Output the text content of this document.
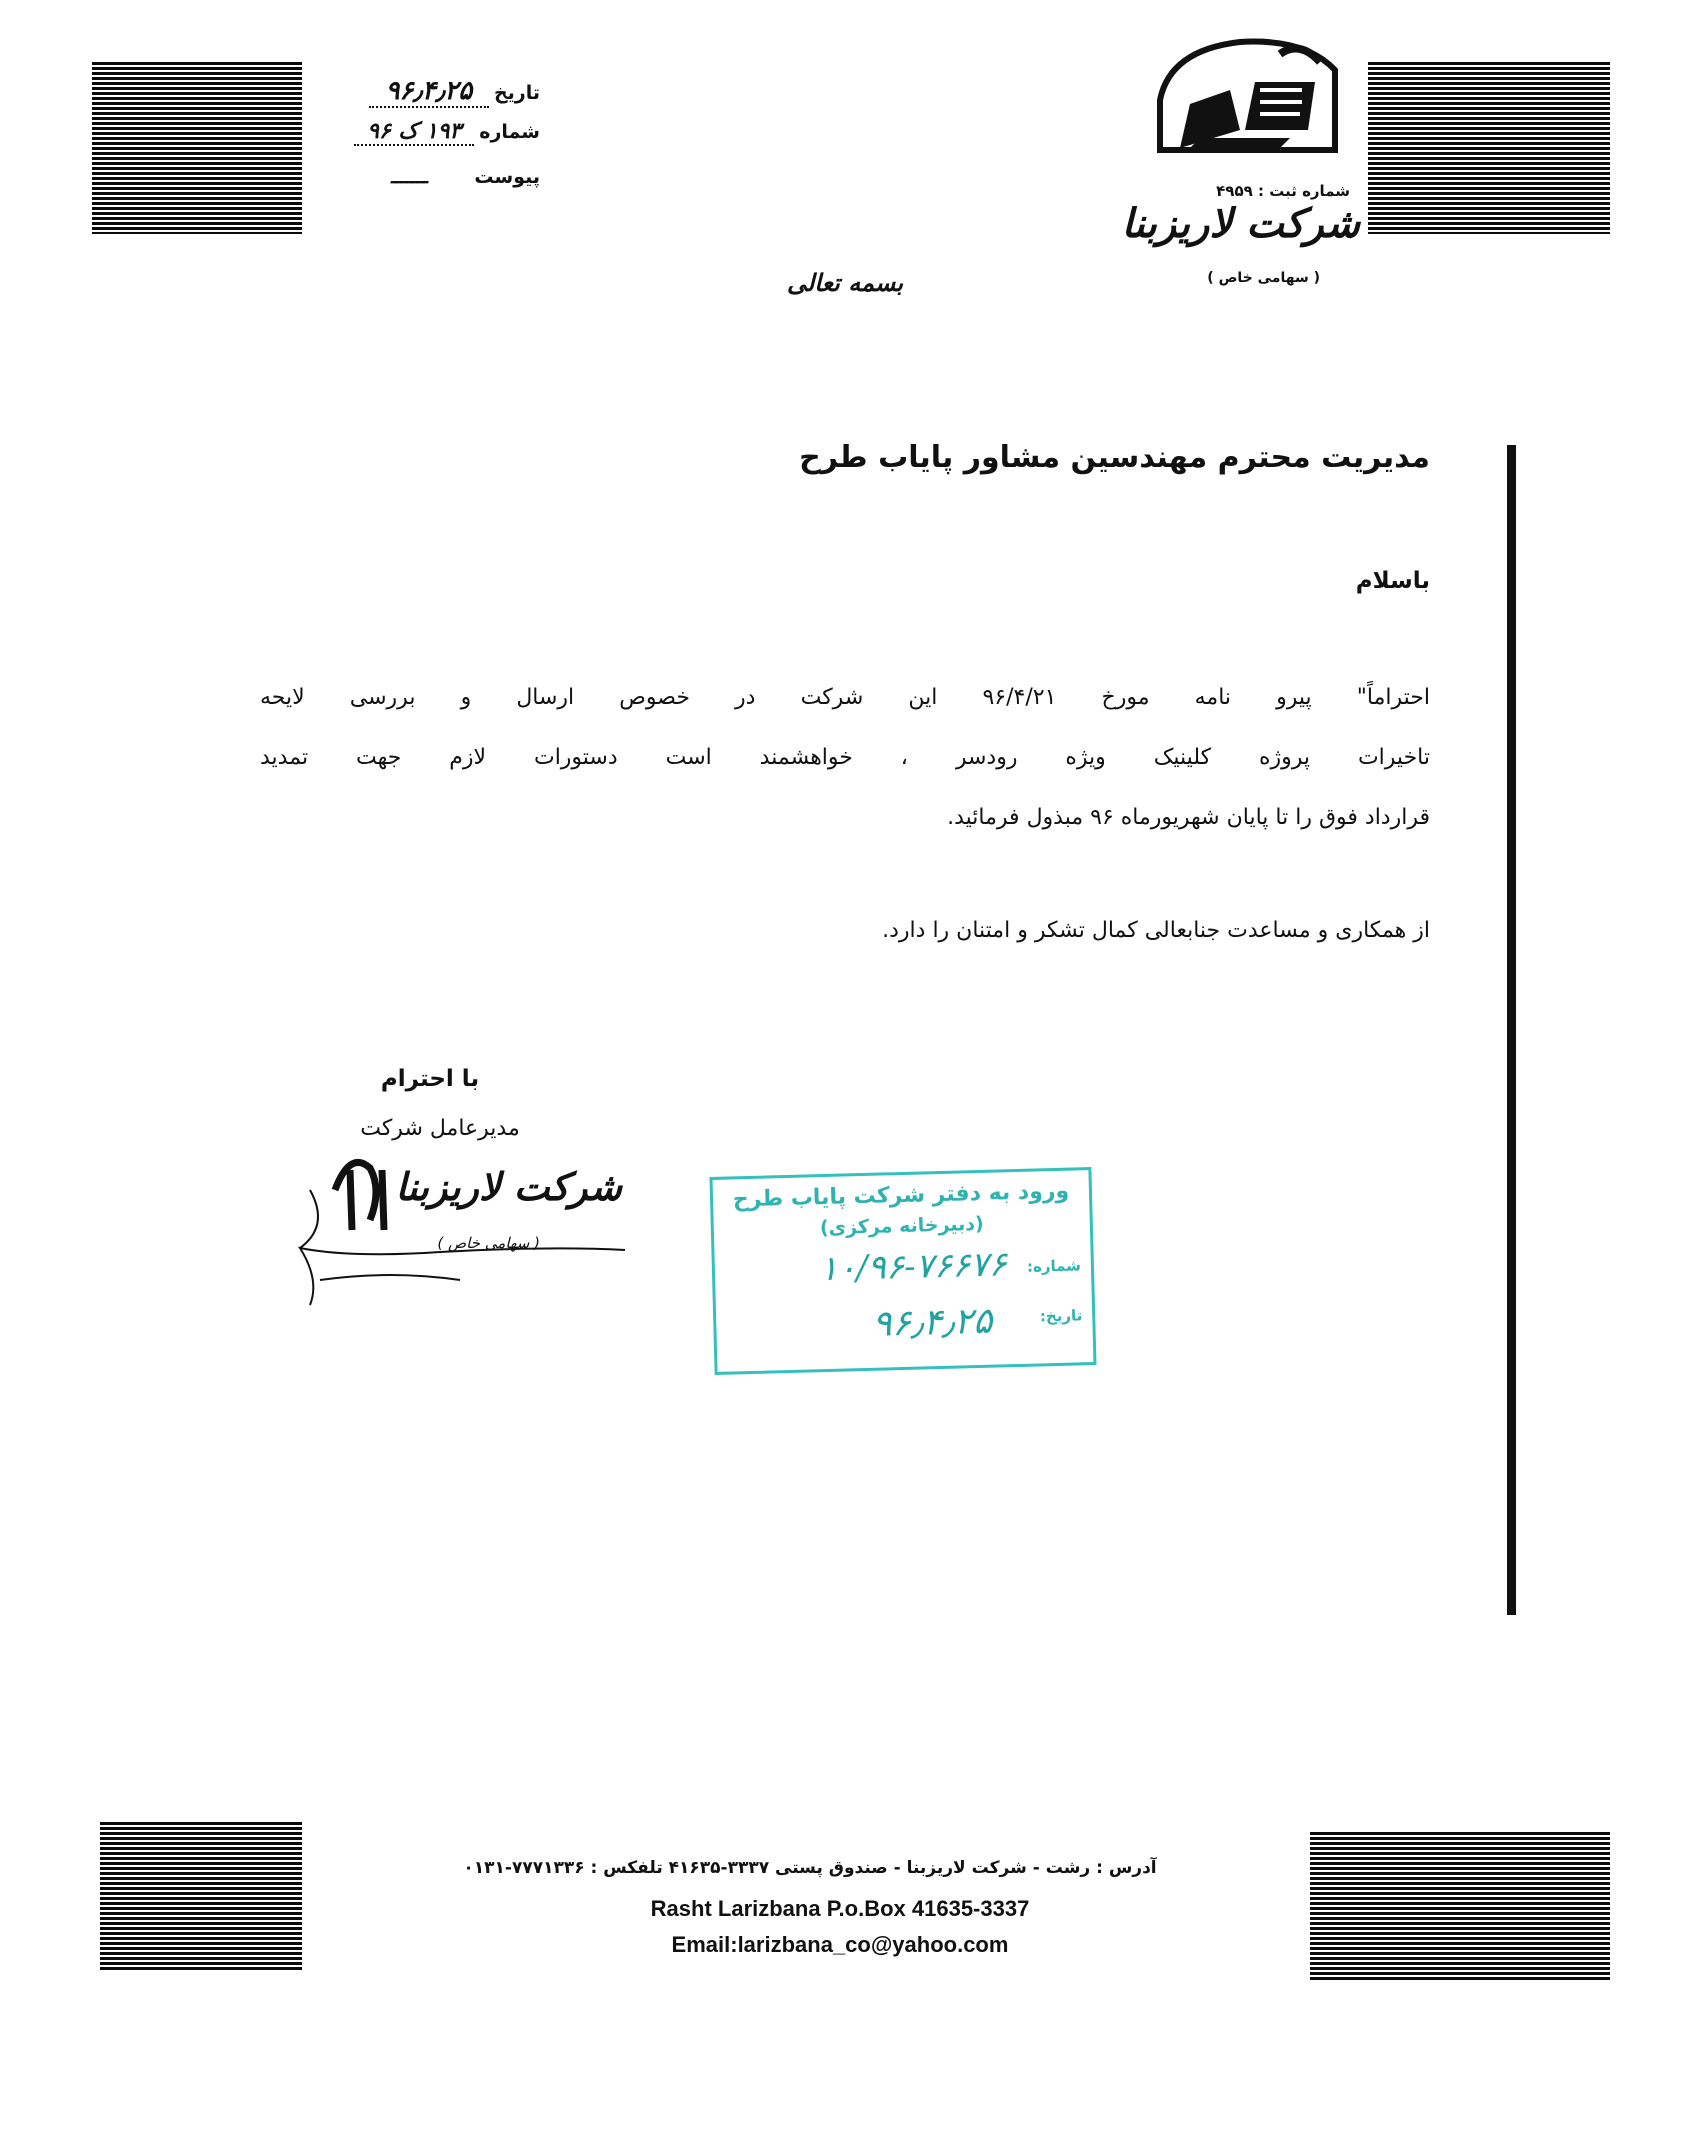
تاریخ ۹۶٫۴٫۲۵
شماره ۱۹۳ ک ۹۶
پیوست ـــــــ
شماره ثبت : ۴۹۵۹
شرکت لاریزبنا
( سهامی خاص )
بسمه تعالی
مدیریت محترم مهندسین مشاور پایاب طرح
باسلام
احتراماً" پیرو نامه مورخ ۹۶/۴/۲۱ این شرکت در خصوص ارسال و بررسی لایحه
تاخیرات پروژه کلینیک ویژه رودسر ، خواهشمند است دستورات لازم جهت تمدید
قرارداد فوق را تا پایان شهریورماه ۹۶ مبذول فرمائید.
از همکاری و مساعدت جنابعالی کمال تشکر و امتنان را دارد.
با احترام
مدیرعامل شرکت
شرکت لاریزبنا
( سهامی خاص )
ورود به دفتر شرکت پایاب طرح
(دبیرخانه مرکزی)
شماره:
۱۰/۹۶-۷۶۶۷۶
تاریخ:
۹۶٫۴٫۲۵
آدرس : رشت - شرکت لاریزبنا - صندوق پستی ۳۳۳۷-۴۱۶۳۵ تلفکس : ۷۷۷۱۳۳۶-۰۱۳۱
Rasht Larizbana P.o.Box 41635-3337
Email:larizbana_co@yahoo.com
